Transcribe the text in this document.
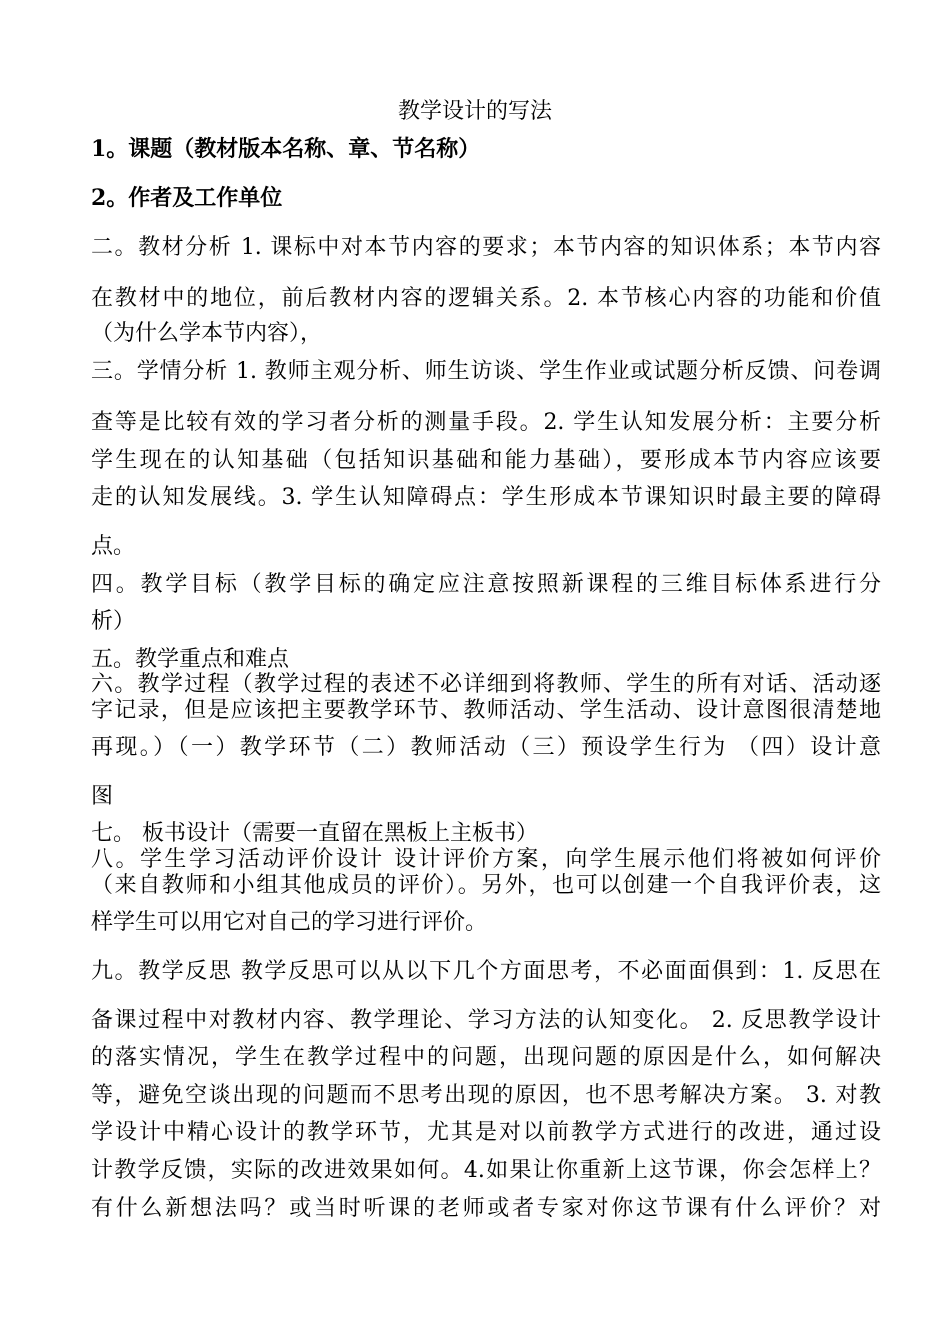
教学设计的写法
1。课题（教材版本名称、章、节名称）
2。作者及工作单位
二。教材分析 1. 课标中对本节内容的要求；本节内容的知识体系；本节内容
在教材中的地位，前后教材内容的逻辑关系。2. 本节核心内容的功能和价值
（为什么学本节内容），
三。学情分析 1. 教师主观分析、师生访谈、学生作业或试题分析反馈、问卷调
查等是比较有效的学习者分析的测量手段。2. 学生认知发展分析：主要分析
学生现在的认知基础（包括知识基础和能力基础），要形成本节内容应该要
走的认知发展线。3. 学生认知障碍点：学生形成本节课知识时最主要的障碍
点。
四。教学目标（教学目标的确定应注意按照新课程的三维目标体系进行分
析）
五。教学重点和难点
六。教学过程（教学过程的表述不必详细到将教师、学生的所有对话、活动逐
字记录，但是应该把主要教学环节、教师活动、学生活动、设计意图很清楚地
再现。）（一）教学环节（二）教师活动（三）预设学生行为 （四）设计意
图
七。 板书设计（需要一直留在黑板上主板书）
八。学生学习活动评价设计 设计评价方案，向学生展示他们将被如何评价
（来自教师和小组其他成员的评价）。另外，也可以创建一个自我评价表，这
样学生可以用它对自己的学习进行评价。
九。教学反思 教学反思可以从以下几个方面思考，不必面面俱到：1. 反思在
备课过程中对教材内容、教学理论、学习方法的认知变化。 2. 反思教学设计
的落实情况，学生在教学过程中的问题，出现问题的原因是什么，如何解决
等，避免空谈出现的问题而不思考出现的原因，也不思考解决方案。 3. 对教
学设计中精心设计的教学环节，尤其是对以前教学方式进行的改进，通过设
计教学反馈，实际的改进效果如何。4.如果让你重新上这节课，你会怎样上？
有什么新想法吗？或当时听课的老师或者专家对你这节课有什么评价？对
